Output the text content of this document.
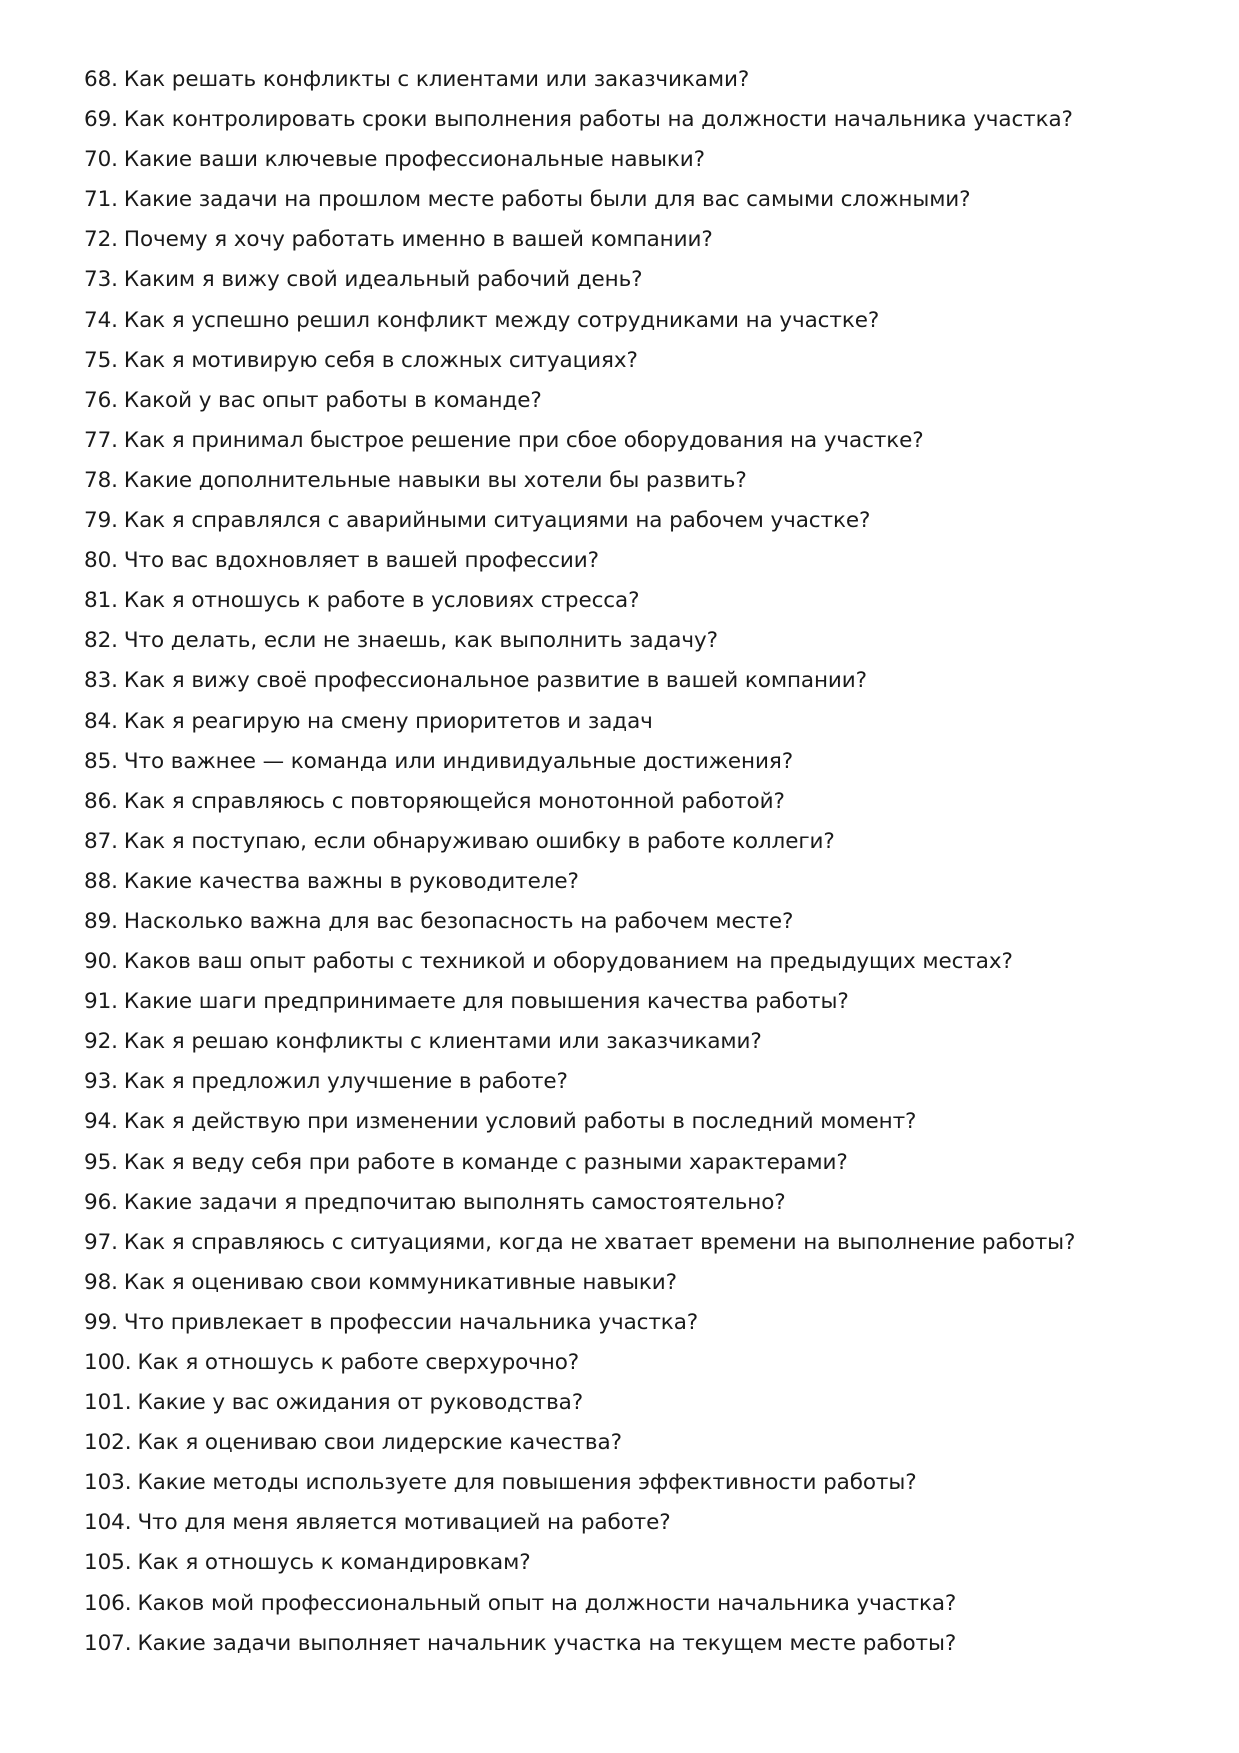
68. Как решать конфликты с клиентами или заказчиками?
69. Как контролировать сроки выполнения работы на должности начальника участка?
70. Какие ваши ключевые профессиональные навыки?
71. Какие задачи на прошлом месте работы были для вас самыми сложными?
72. Почему я хочу работать именно в вашей компании?
73. Каким я вижу свой идеальный рабочий день?
74. Как я успешно решил конфликт между сотрудниками на участке?
75. Как я мотивирую себя в сложных ситуациях?
76. Какой у вас опыт работы в команде?
77. Как я принимал быстрое решение при сбое оборудования на участке?
78. Какие дополнительные навыки вы хотели бы развить?
79. Как я справлялся с аварийными ситуациями на рабочем участке?
80. Что вас вдохновляет в вашей профессии?
81. Как я отношусь к работе в условиях стресса?
82. Что делать, если не знаешь, как выполнить задачу?
83. Как я вижу своё профессиональное развитие в вашей компании?
84. Как я реагирую на смену приоритетов и задач
85. Что важнее — команда или индивидуальные достижения?
86. Как я справляюсь с повторяющейся монотонной работой?
87. Как я поступаю, если обнаруживаю ошибку в работе коллеги?
88. Какие качества важны в руководителе?
89. Насколько важна для вас безопасность на рабочем месте?
90. Каков ваш опыт работы с техникой и оборудованием на предыдущих местах?
91. Какие шаги предпринимаете для повышения качества работы?
92. Как я решаю конфликты с клиентами или заказчиками?
93. Как я предложил улучшение в работе?
94. Как я действую при изменении условий работы в последний момент?
95. Как я веду себя при работе в команде с разными характерами?
96. Какие задачи я предпочитаю выполнять самостоятельно?
97. Как я справляюсь с ситуациями, когда не хватает времени на выполнение работы?
98. Как я оцениваю свои коммуникативные навыки?
99. Что привлекает в профессии начальника участка?
100. Как я отношусь к работе сверхурочно?
101. Какие у вас ожидания от руководства?
102. Как я оцениваю свои лидерские качества?
103. Какие методы используете для повышения эффективности работы?
104. Что для меня является мотивацией на работе?
105. Как я отношусь к командировкам?
106. Каков мой профессиональный опыт на должности начальника участка?
107. Какие задачи выполняет начальник участка на текущем месте работы?
